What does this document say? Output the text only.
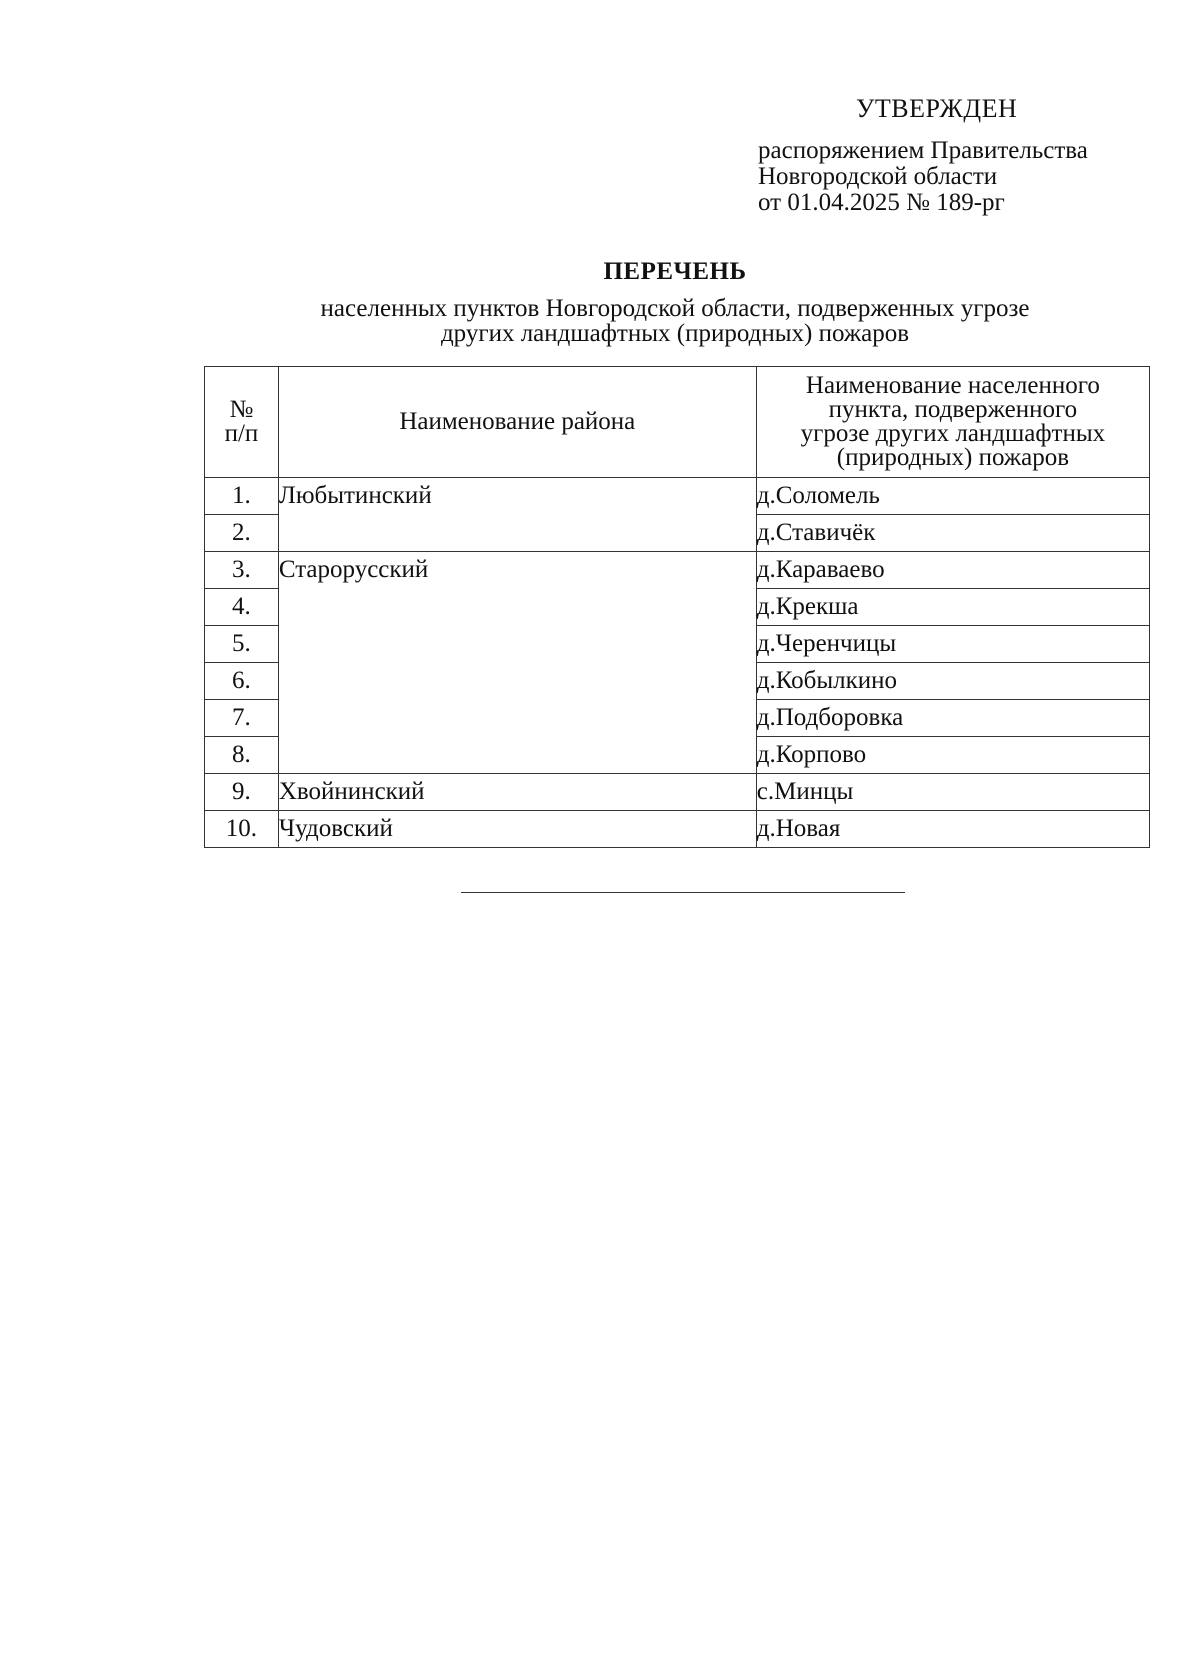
УТВЕРЖДЕН
распоряжением Правительства
Новгородской области
от 01.04.2025 № 189-рг
ПЕРЕЧЕНЬ
населенных пунктов Новгородской области, подверженных угрозе
других ландшафтных (природных) пожаров
№
п/п	Наименование района	Наименование населенного
пункта, подверженного
угрозе других ландшафтных
(природных) пожаров
1.	Любытинский	д.Соломель
2.		д.Ставичёк
3.	Старорусский	д.Караваево
4.		д.Крекша
5.		д.Черенчицы
6.		д.Кобылкино
7.		д.Подборовка
8.		д.Корпово
9.	Хвойнинский	с.Минцы
10.	Чудовский	д.Новая
